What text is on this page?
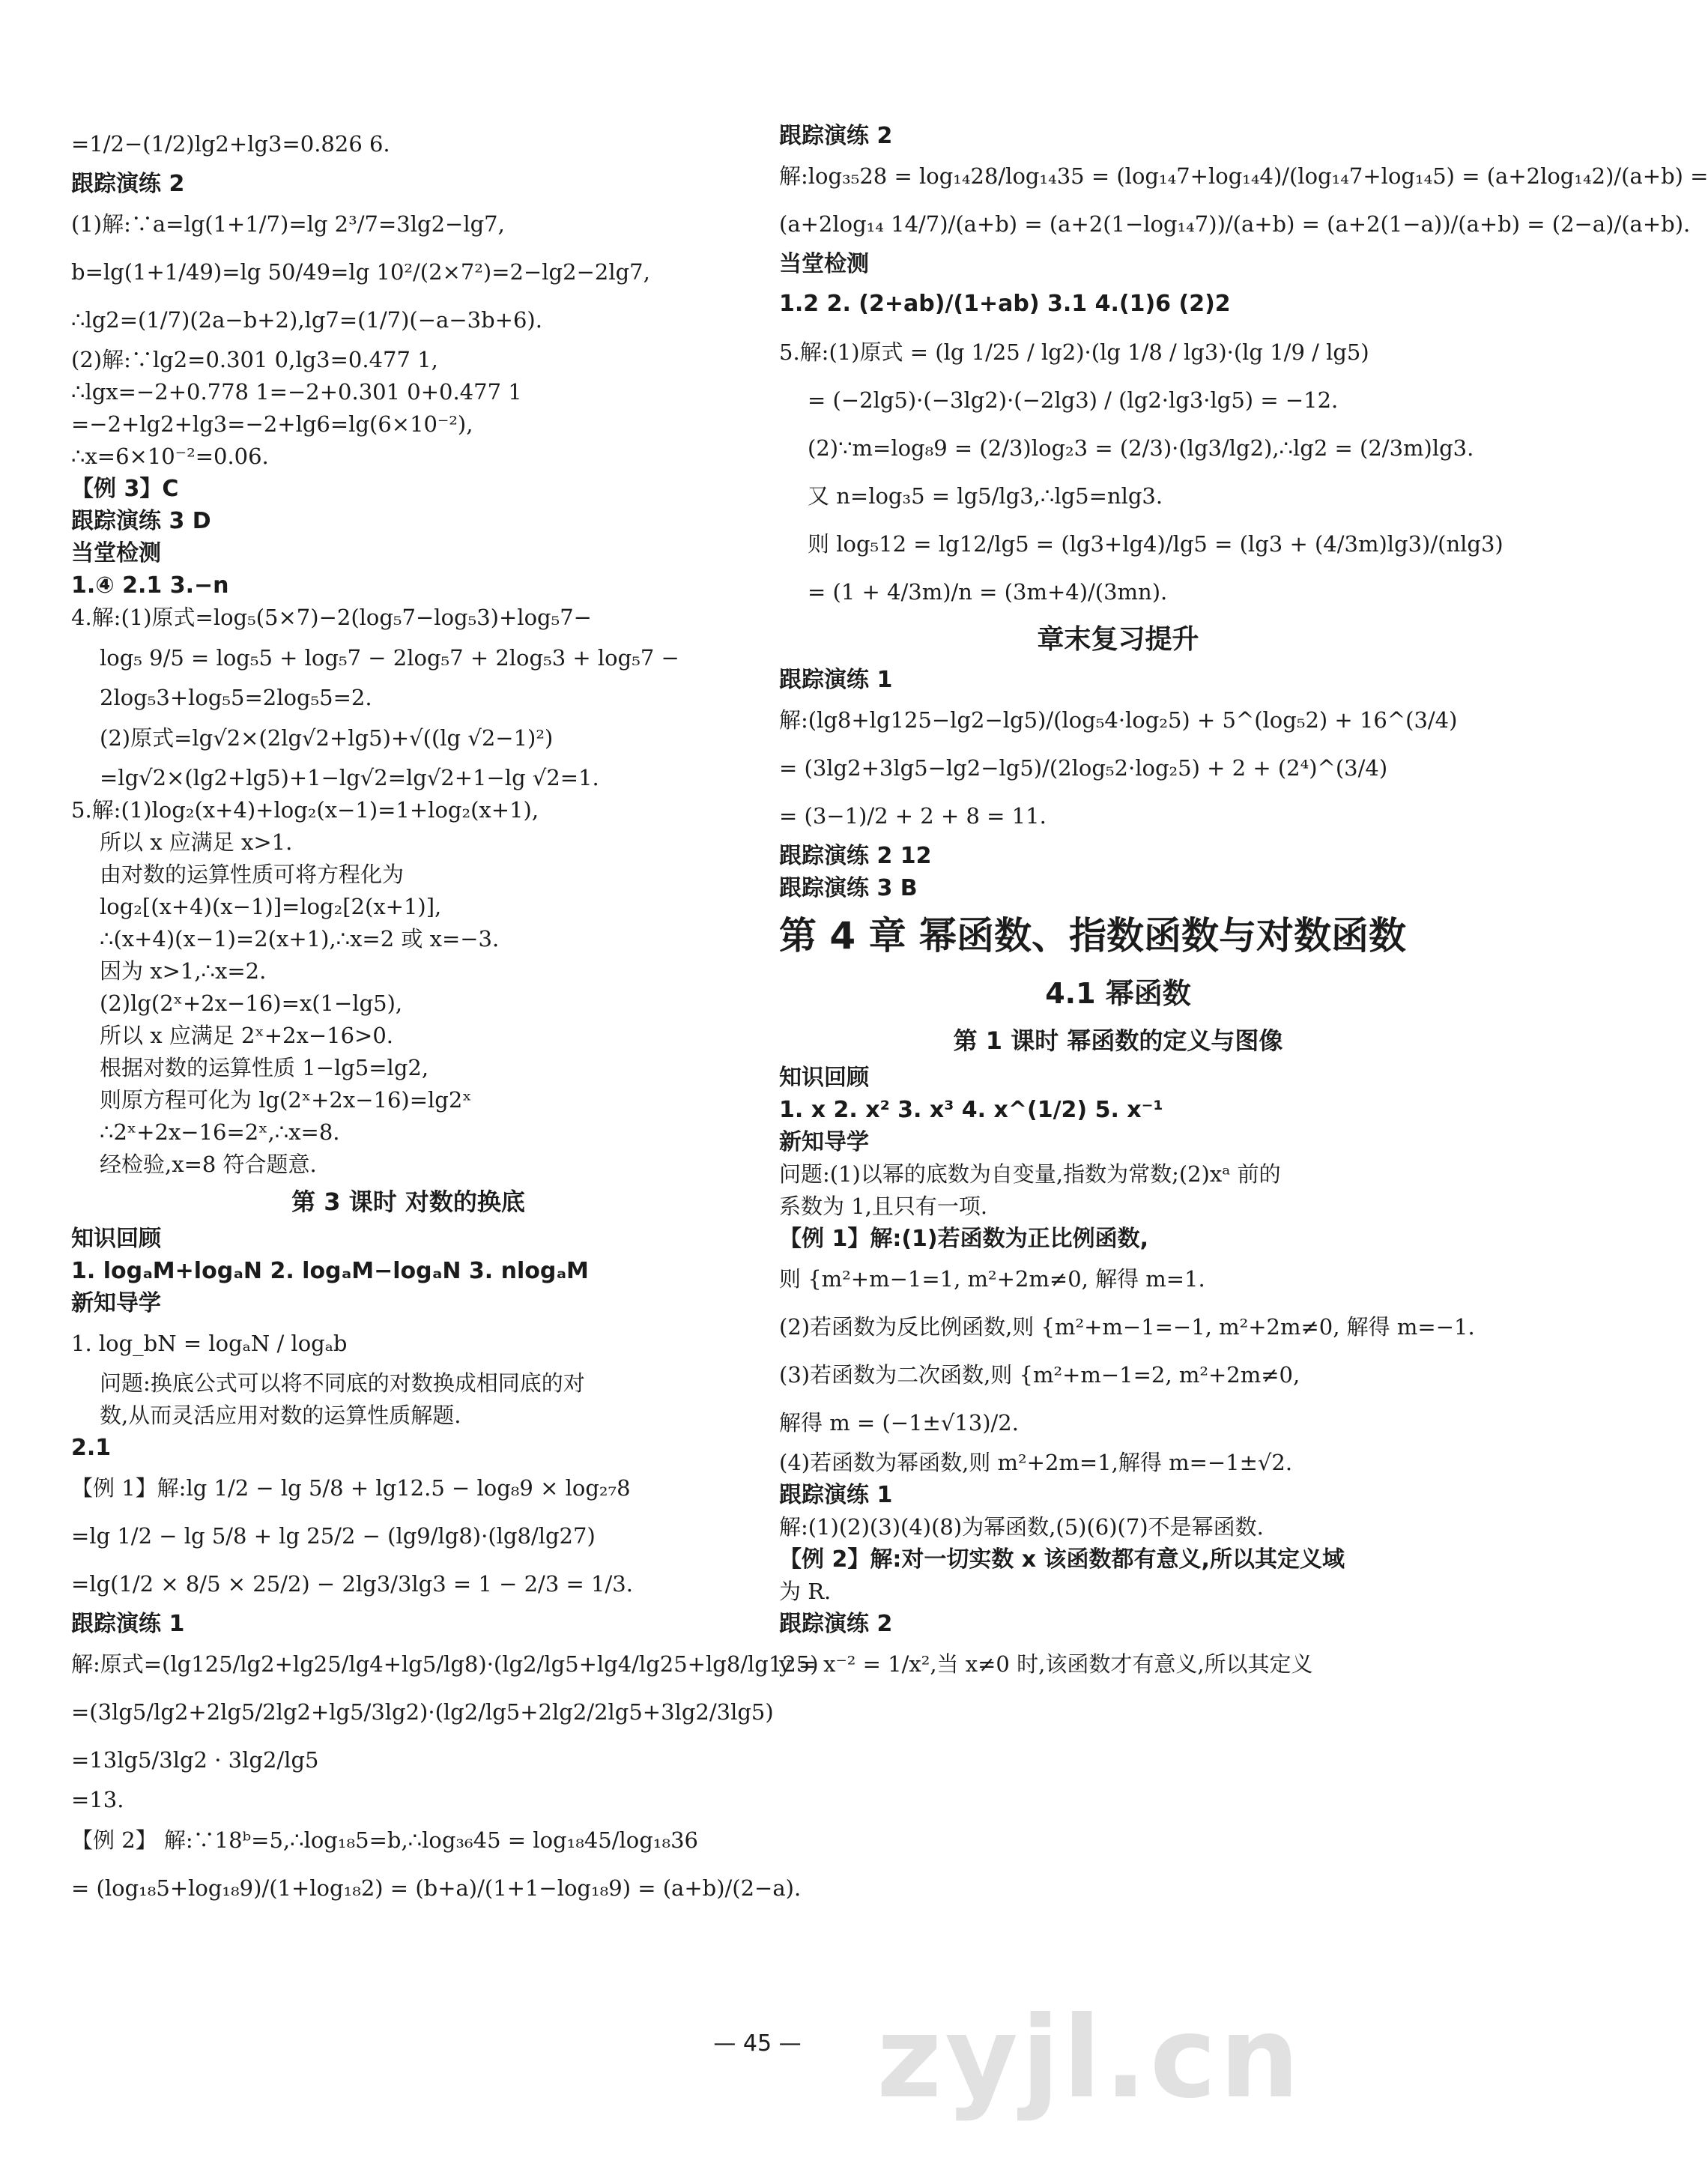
=1/2−(1/2)lg2+lg3=0.826 6.
跟踪演练 2
(1)解:∵a=lg(1+1/7)=lg 2³/7=3lg2−lg7,
b=lg(1+1/49)=lg 50/49=lg 10²/(2×7²)=2−lg2−2lg7,
∴lg2=(1/7)(2a−b+2),lg7=(1/7)(−a−3b+6).
(2)解:∵lg2=0.301 0,lg3=0.477 1,
∴lgx=−2+0.778 1=−2+0.301 0+0.477 1
=−2+lg2+lg3=−2+lg6=lg(6×10⁻²),
∴x=6×10⁻²=0.06.
【例 3】C
跟踪演练 3 D
当堂检测
1.④ 2.1 3.−n
4.解:(1)原式=log₅(5×7)−2(log₅7−log₅3)+log₅7−
log₅ 9/5 = log₅5 + log₅7 − 2log₅7 + 2log₅3 + log₅7 −
2log₅3+log₅5=2log₅5=2.
(2)原式=lg√2×(2lg√2+lg5)+√((lg √2−1)²)
=lg√2×(lg2+lg5)+1−lg√2=lg√2+1−lg √2=1.
5.解:(1)log₂(x+4)+log₂(x−1)=1+log₂(x+1),
所以 x 应满足 x>1.
由对数的运算性质可将方程化为
log₂[(x+4)(x−1)]=log₂[2(x+1)],
∴(x+4)(x−1)=2(x+1),∴x=2 或 x=−3.
因为 x>1,∴x=2.
(2)lg(2ˣ+2x−16)=x(1−lg5),
所以 x 应满足 2ˣ+2x−16>0.
根据对数的运算性质 1−lg5=lg2,
则原方程可化为 lg(2ˣ+2x−16)=lg2ˣ
∴2ˣ+2x−16=2ˣ,∴x=8.
经检验,x=8 符合题意.
第 3 课时 对数的换底
知识回顾
1. logₐM+logₐN 2. logₐM−logₐN 3. nlogₐM
新知导学
1. log_bN = logₐN / logₐb
问题:换底公式可以将不同底的对数换成相同底的对
数,从而灵活应用对数的运算性质解题.
2.1
【例 1】解:lg 1/2 − lg 5/8 + lg12.5 − log₈9 × log₂₇8
=lg 1/2 − lg 5/8 + lg 25/2 − (lg9/lg8)·(lg8/lg27)
=lg(1/2 × 8/5 × 25/2) − 2lg3/3lg3 = 1 − 2/3 = 1/3.
跟踪演练 1
解:原式=(lg125/lg2+lg25/lg4+lg5/lg8)·(lg2/lg5+lg4/lg25+lg8/lg125)
=(3lg5/lg2+2lg5/2lg2+lg5/3lg2)·(lg2/lg5+2lg2/2lg5+3lg2/3lg5)
=13lg5/3lg2 · 3lg2/lg5
=13.
【例 2】 解:∵18ᵇ=5,∴log₁₈5=b,∴log₃₆45 = log₁₈45/log₁₈36
= (log₁₈5+log₁₈9)/(1+log₁₈2) = (b+a)/(1+1−log₁₈9) = (a+b)/(2−a).
跟踪演练 2
解:log₃₅28 = log₁₄28/log₁₄35 = (log₁₄7+log₁₄4)/(log₁₄7+log₁₄5) = (a+2log₁₄2)/(a+b) =
(a+2log₁₄ 14/7)/(a+b) = (a+2(1−log₁₄7))/(a+b) = (a+2(1−a))/(a+b) = (2−a)/(a+b).
当堂检测
1.2 2. (2+ab)/(1+ab) 3.1 4.(1)6 (2)2
5.解:(1)原式 = (lg 1/25 / lg2)·(lg 1/8 / lg3)·(lg 1/9 / lg5)
= (−2lg5)·(−3lg2)·(−2lg3) / (lg2·lg3·lg5) = −12.
(2)∵m=log₈9 = (2/3)log₂3 = (2/3)·(lg3/lg2),∴lg2 = (2/3m)lg3.
又 n=log₃5 = lg5/lg3,∴lg5=nlg3.
则 log₅12 = lg12/lg5 = (lg3+lg4)/lg5 = (lg3 + (4/3m)lg3)/(nlg3)
= (1 + 4/3m)/n = (3m+4)/(3mn).
章末复习提升
跟踪演练 1
解:(lg8+lg125−lg2−lg5)/(log₅4·log₂5) + 5^(log₅2) + 16^(3/4)
= (3lg2+3lg5−lg2−lg5)/(2log₅2·log₂5) + 2 + (2⁴)^(3/4)
= (3−1)/2 + 2 + 8 = 11.
跟踪演练 2 12
跟踪演练 3 B
第 4 章 幂函数、指数函数与对数函数
4.1 幂函数
第 1 课时 幂函数的定义与图像
知识回顾
1. x 2. x² 3. x³ 4. x^(1/2) 5. x⁻¹
新知导学
问题:(1)以幂的底数为自变量,指数为常数;(2)xᵃ 前的
系数为 1,且只有一项.
【例 1】解:(1)若函数为正比例函数,
则 {m²+m−1=1, m²+2m≠0, 解得 m=1.
(2)若函数为反比例函数,则 {m²+m−1=−1, m²+2m≠0, 解得 m=−1.
(3)若函数为二次函数,则 {m²+m−1=2, m²+2m≠0,
解得 m = (−1±√13)/2.
(4)若函数为幂函数,则 m²+2m=1,解得 m=−1±√2.
跟踪演练 1
解:(1)(2)(3)(4)(8)为幂函数,(5)(6)(7)不是幂函数.
【例 2】解:对一切实数 x 该函数都有意义,所以其定义域
为 R.
跟踪演练 2
y = x⁻² = 1/x²,当 x≠0 时,该函数才有意义,所以其定义
— 45 — zyjl.cn
